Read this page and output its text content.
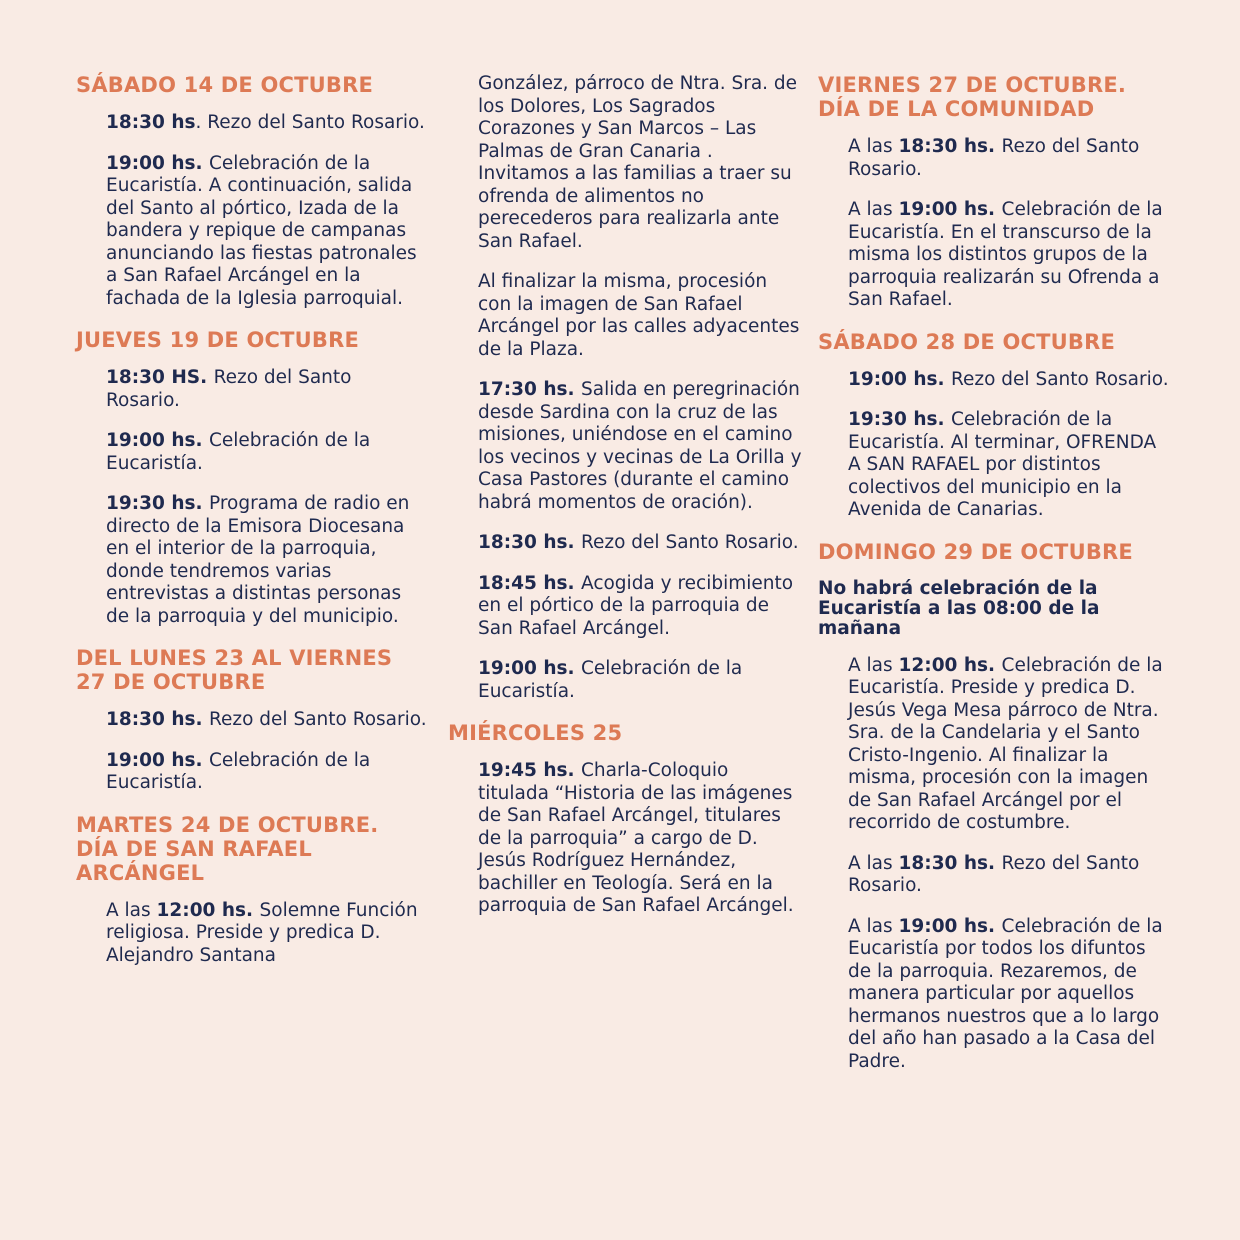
SÁBADO 14 DE OCTUBRE
18:30 hs. Rezo del Santo Rosario.
19:00 hs. Celebración de la Eucaristía. A continuación, salida del Santo al pórtico, Izada de la bandera y repique de campanas anunciando las fiestas patronales a San Rafael Arcángel en la fachada de la Iglesia parroquial.
JUEVES 19 DE OCTUBRE
18:30 HS. Rezo del Santo Rosario.
19:00 hs. Celebración de la Eucaristía.
19:30 hs. Programa de radio en directo de la Emisora Diocesana en el interior de la parroquia, donde tendremos varias entrevistas a distintas personas de la parroquia y del municipio.
DEL LUNES 23 AL VIERNES 27 DE OCTUBRE
18:30 hs. Rezo del Santo Rosario.
19:00 hs. Celebración de la Eucaristía.
MARTES 24 DE OCTUBRE. DÍA DE SAN RAFAEL ARCÁNGEL
A las 12:00 hs. Solemne Función religiosa. Preside y predica D. Alejandro Santana
González, párroco de Ntra. Sra. de los Dolores, Los Sagrados Corazones y San Marcos – Las Palmas de Gran Canaria . Invitamos a las familias a traer su ofrenda de alimentos no perecederos para realizarla ante San Rafael.
Al finalizar la misma, procesión con la imagen de San Rafael Arcángel por las calles adyacentes de la Plaza.
17:30 hs. Salida en peregrinación desde Sardina con la cruz de las misiones, uniéndose en el camino los vecinos y vecinas de La Orilla y Casa Pastores (durante el camino habrá momentos de oración).
18:30 hs. Rezo del Santo Rosario.
18:45 hs. Acogida y recibimiento en el pórtico de la parroquia de San Rafael Arcángel.
19:00 hs. Celebración de la Eucaristía.
MIÉRCOLES 25
19:45 hs. Charla-Coloquio titulada “Historia de las imágenes de San Rafael Arcángel, titulares de la parroquia” a cargo de D. Jesús Rodríguez Hernández, bachiller en Teología. Será en la parroquia de San Rafael Arcángel.
VIERNES 27 DE OCTUBRE. DÍA DE LA COMUNIDAD
A las 18:30 hs. Rezo del Santo Rosario.
A las 19:00 hs. Celebración de la Eucaristía. En el transcurso de la misma los distintos grupos de la parroquia realizarán su Ofrenda a San Rafael.
SÁBADO 28 DE OCTUBRE
19:00 hs. Rezo del Santo Rosario.
19:30 hs. Celebración de la Eucaristía. Al terminar, OFRENDA A SAN RAFAEL por distintos colectivos del municipio en la Avenida de Canarias.
DOMINGO 29 DE OCTUBRE
No habrá celebración de la Eucaristía a las 08:00 de la mañana
A las 12:00 hs. Celebración de la Eucaristía. Preside y predica D. Jesús Vega Mesa párroco de Ntra. Sra. de la Candelaria y el Santo Cristo-Ingenio. Al finalizar la misma, procesión con la imagen de San Rafael Arcángel por el recorrido de costumbre.
A las 18:30 hs. Rezo del Santo Rosario.
A las 19:00 hs. Celebración de la Eucaristía por todos los difuntos de la parroquia. Rezaremos, de manera particular por aquellos hermanos nuestros que a lo largo del año han pasado a la Casa del Padre.
